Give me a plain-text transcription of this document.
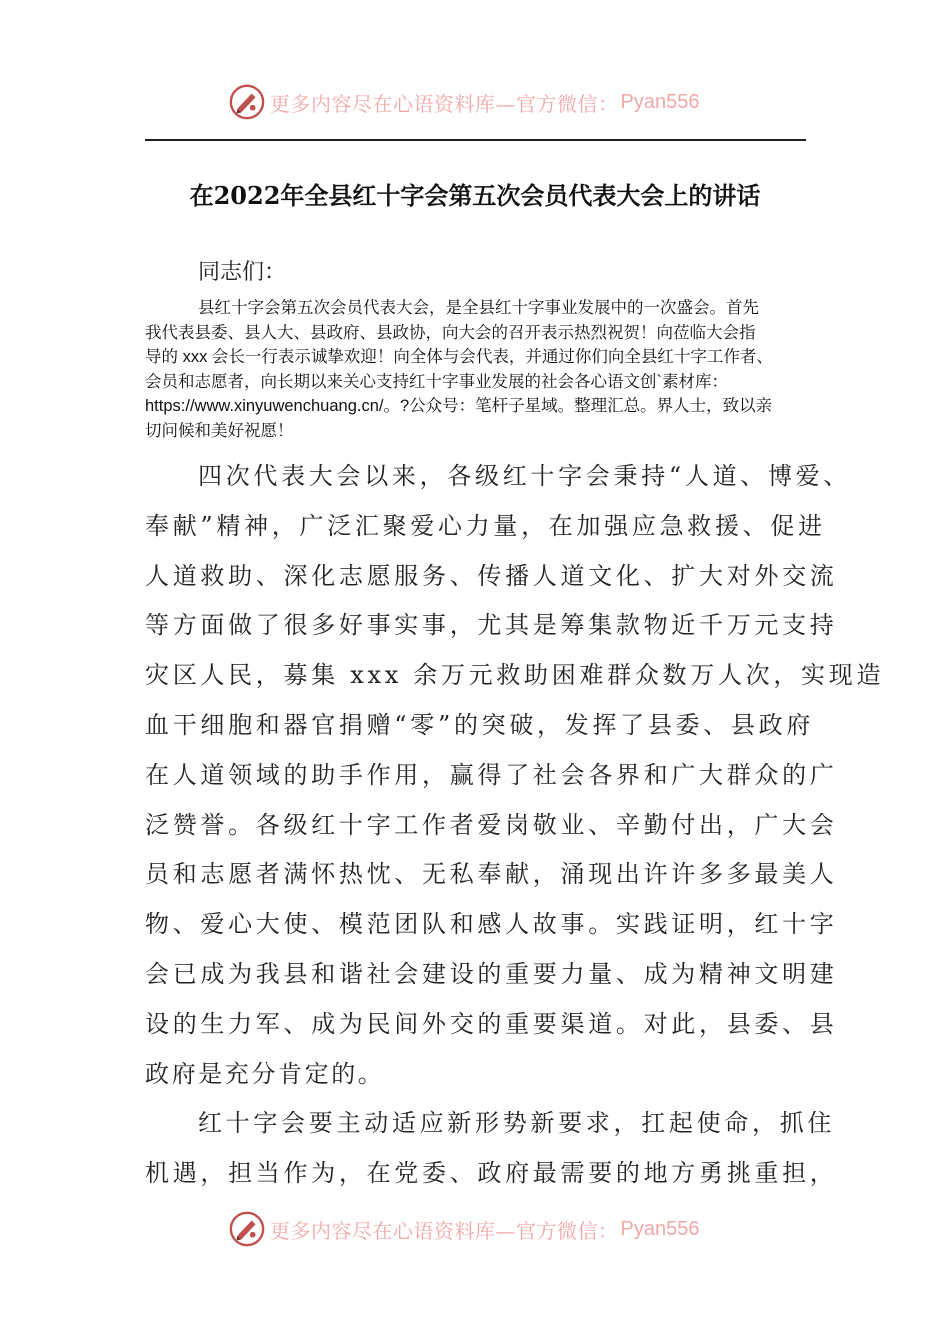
更多内容尽在心语资料库—官方微信： Pyan556
在2022年全县红十字会第五次会员代表大会上的讲话
同志们：
县红十字会第五次会员代表大会，是全县红十字事业发展中的一次盛会。首先
我代表县委、县人大、县政府、县政协，向大会的召开表示热烈祝贺！向莅临大会指
导的 xxx 会长一行表示诚挚欢迎！向全体与会代表，并通过你们向全县红十字工作者、
会员和志愿者，向长期以来关心支持红十字事业发展的社会各心语文创`素材库：
https://www.xinyuwenchuang.cn/。?公众号：笔杆子星域。整理汇总。界人士，致以亲
切问候和美好祝愿！
四次代表大会以来，各级红十字会秉持“人道、博爱、
奉献”精神，广泛汇聚爱心力量，在加强应急救援、促进
人道救助、深化志愿服务、传播人道文化、扩大对外交流
等方面做了很多好事实事，尤其是筹集款物近千万元支持
灾区人民，募集 xxx 余万元救助困难群众数万人次，实现造
血干细胞和器官捐赠“零”的突破，发挥了县委、县政府
在人道领域的助手作用，赢得了社会各界和广大群众的广
泛赞誉。各级红十字工作者爱岗敬业、辛勤付出，广大会
员和志愿者满怀热忱、无私奉献，涌现出许许多多最美人
物、爱心大使、模范团队和感人故事。实践证明，红十字
会已成为我县和谐社会建设的重要力量、成为精神文明建
设的生力军、成为民间外交的重要渠道。对此，县委、县
政府是充分肯定的。
红十字会要主动适应新形势新要求，扛起使命，抓住
机遇，担当作为，在党委、政府最需要的地方勇挑重担，
更多内容尽在心语资料库—官方微信： Pyan556
